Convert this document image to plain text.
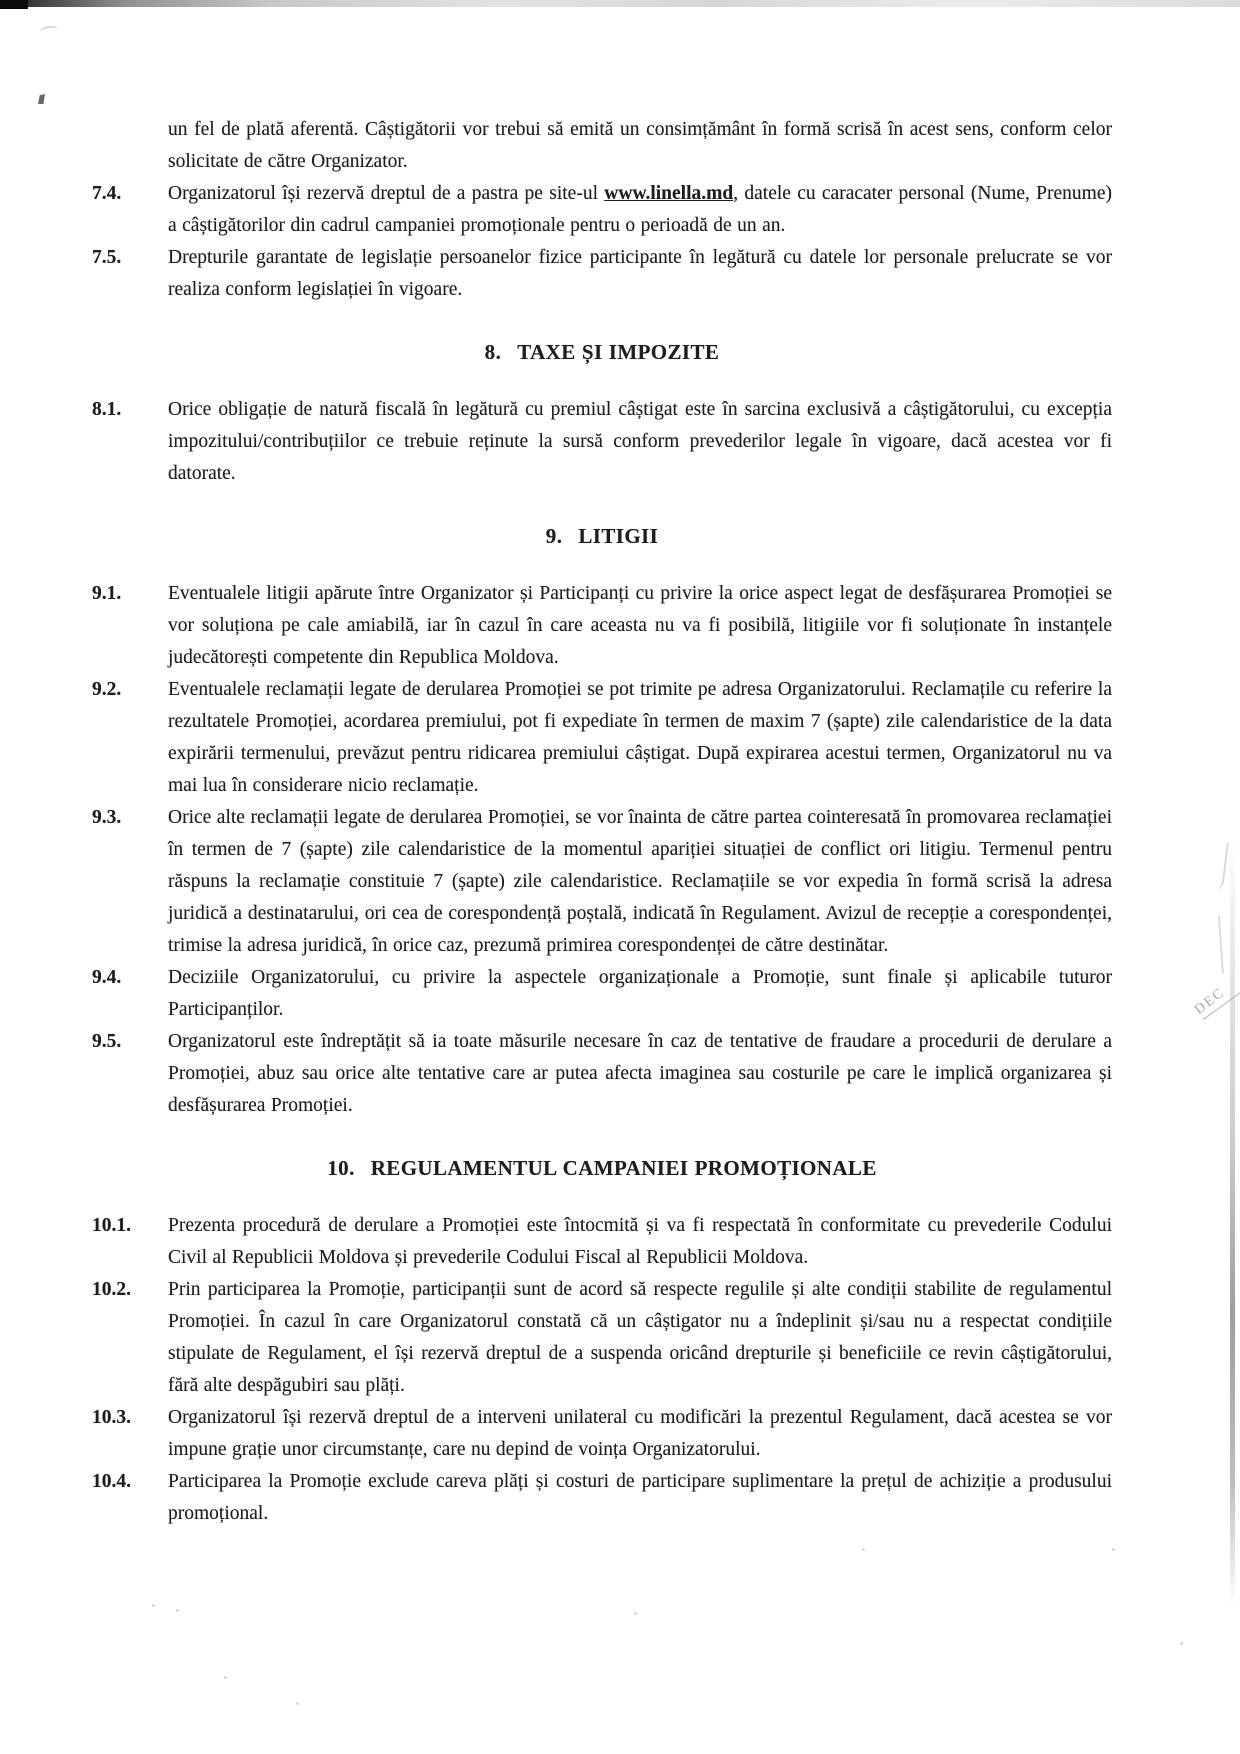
DEC

un fel de plată aferentă. Câștigătorii vor trebui să emită un consimțământ în formă scrisă în acest sens, conform celor solicitate de către Organizator.

7.4.	Organizatorul își rezervă dreptul de a pastra pe site-ul www.linella.md, datele cu caracater personal (Nume, Prenume) a câștigătorilor din cadrul campaniei promoționale pentru o perioadă de un an.

7.5.	Drepturile garantate de legislație persoanelor fizice participante în legătură cu datele lor personale prelucrate se vor realiza conform legislației în vigoare.

8. TAXE ȘI IMPOZITE
8.1.	Orice obligație de natură fiscală în legătură cu premiul câștigat este în sarcina exclusivă a câștigătorului, cu excepția impozitului/contribuțiilor ce trebuie reținute la sursă conform prevederilor legale în vigoare, dacă acestea vor fi datorate.

9. LITIGII
9.1.	Eventualele litigii apărute între Organizator și Participanți cu privire la orice aspect legat de desfășurarea Promoției se vor soluționa pe cale amiabilă, iar în cazul în care aceasta nu va fi posibilă, litigiile vor fi soluționate în instanțele judecătorești competente din Republica Moldova.

9.2.	Eventualele reclamații legate de derularea Promoției se pot trimite pe adresa Organizatorului. Reclamațile cu referire la rezultatele Promoției, acordarea premiului, pot fi expediate în termen de maxim 7 (șapte) zile calendaristice de la data expirării termenului, prevăzut pentru ridicarea premiului câștigat. După expirarea acestui termen, Organizatorul nu va mai lua în considerare nicio reclamație.

9.3.	Orice alte reclamații legate de derularea Promoției, se vor înainta de către partea cointeresată în promovarea reclamației în termen de 7 (șapte) zile calendaristice de la momentul apariției situației de conflict ori litigiu. Termenul pentru răspuns la reclamație constituie 7 (șapte) zile calendaristice. Reclamațiile se vor expedia în formă scrisă la adresa juridică a destinatarului, ori cea de corespondență poștală, indicată în Regulament. Avizul de recepție a corespondenței, trimise la adresa juridică, în orice caz, prezumă primirea corespondenței de către destinătar.

9.4.	Deciziile Organizatorului, cu privire la aspectele organizaționale a Promoție, sunt finale și aplicabile tuturor Participanților.

9.5.	Organizatorul este îndreptățit să ia toate măsurile necesare în caz de tentative de fraudare a procedurii de derulare a Promoției, abuz sau orice alte tentative care ar putea afecta imaginea sau costurile pe care le implică organizarea și desfășurarea Promoției.

10. REGULAMENTUL CAMPANIEI PROMOȚIONALE
10.1.	Prezenta procedură de derulare a Promoției este întocmită și va fi respectată în conformitate cu prevederile Codului Civil al Republicii Moldova și prevederile Codului Fiscal al Republicii Moldova.

10.2.	Prin participarea la Promoție, participanții sunt de acord să respecte regulile și alte condiții stabilite de regulamentul Promoției. În cazul în care Organizatorul constată că un câștigator nu a îndeplinit și/sau nu a respectat condițiile stipulate de Regulament, el își rezervă dreptul de a suspenda oricând drepturile și beneficiile ce revin câștigătorului, fără alte despăgubiri sau plăți.

10.3.	Organizatorul își rezervă dreptul de a interveni unilateral cu modificări la prezentul Regulament, dacă acestea se vor impune grație unor circumstanțe, care nu depind de voința Organizatorului.

10.4.	Participarea la Promoție exclude careva plăți și costuri de participare suplimentare la prețul de achiziție a produsului promoțional.
